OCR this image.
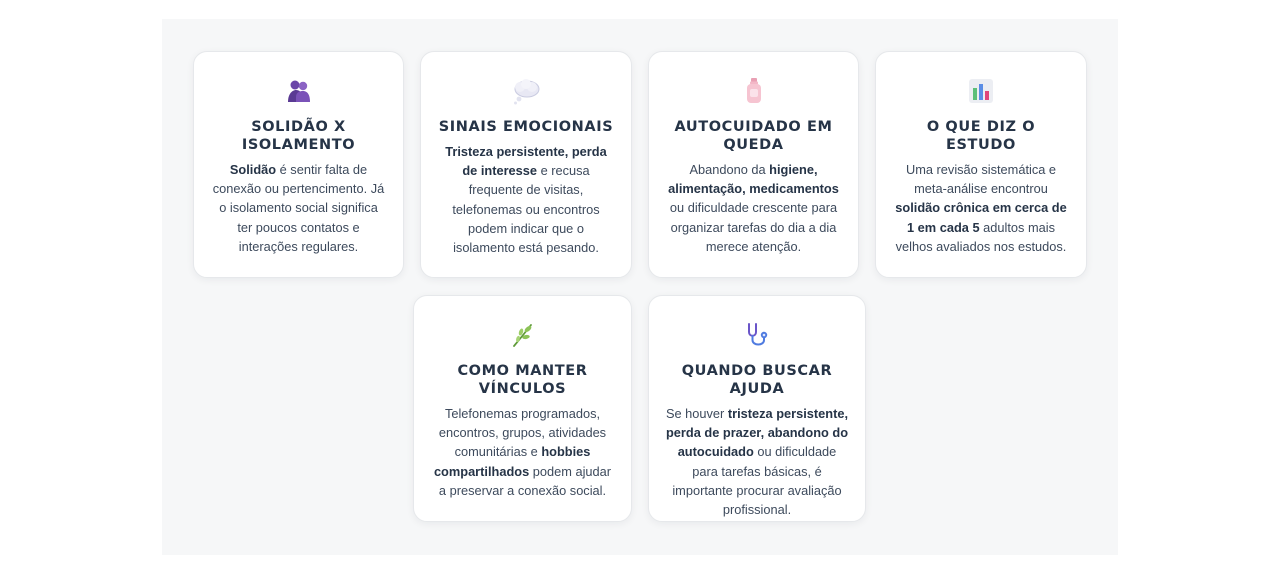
SOLIDÃO X ISOLAMENTO

Solidão é sentir falta de conexão ou pertencimento. Já o isolamento social significa ter poucos contatos e interações regulares.

SINAIS EMOCIONAIS

Tristeza persistente, perda de interesse e recusa frequente de visitas, telefonemas ou encontros podem indicar que o isolamento está pesando.

AUTOCUIDADO EM QUEDA

Abandono da higiene, alimentação, medicamentos ou dificuldade crescente para organizar tarefas do dia a dia merece atenção.

O QUE DIZ O ESTUDO

Uma revisão sistemática e meta-análise encontrou solidão crônica em cerca de 1 em cada 5 adultos mais velhos avaliados nos estudos.

COMO MANTER VÍNCULOS

Telefonemas programados, encontros, grupos, atividades comunitárias e hobbies compartilhados podem ajudar a preservar a conexão social.

QUANDO BUSCAR AJUDA

Se houver tristeza persistente, perda de prazer, abandono do autocuidado ou dificuldade para tarefas básicas, é importante procurar avaliação profissional.
